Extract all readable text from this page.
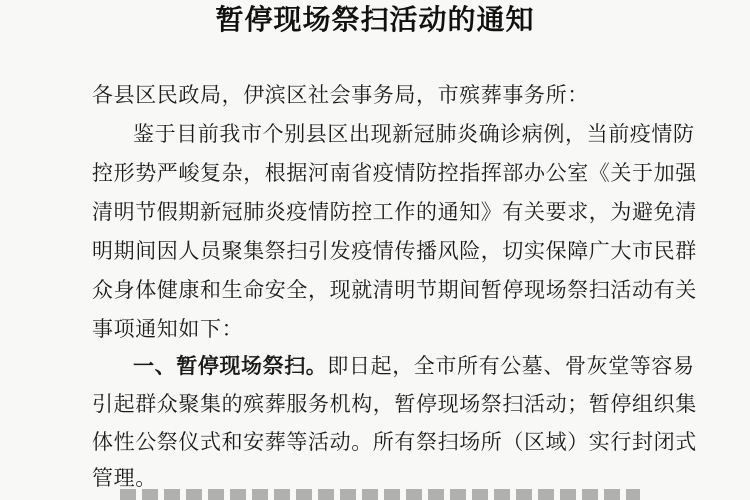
暂停现场祭扫活动的通知
各县区民政局，伊滨区社会事务局，市殡葬事务所：
鉴于目前我市个别县区出现新冠肺炎确诊病例，当前疫情防
控形势严峻复杂，根据河南省疫情防控指挥部办公室《关于加强
清明节假期新冠肺炎疫情防控工作的通知》有关要求，为避免清
明期间因人员聚集祭扫引发疫情传播风险，切实保障广大市民群
众身体健康和生命安全，现就清明节期间暂停现场祭扫活动有关
事项通知如下：
一、暂停现场祭扫。即日起，全市所有公墓、骨灰堂等容易
引起群众聚集的殡葬服务机构，暂停现场祭扫活动；暂停组织集
体性公祭仪式和安葬等活动。所有祭扫场所（区域）实行封闭式
管理。
